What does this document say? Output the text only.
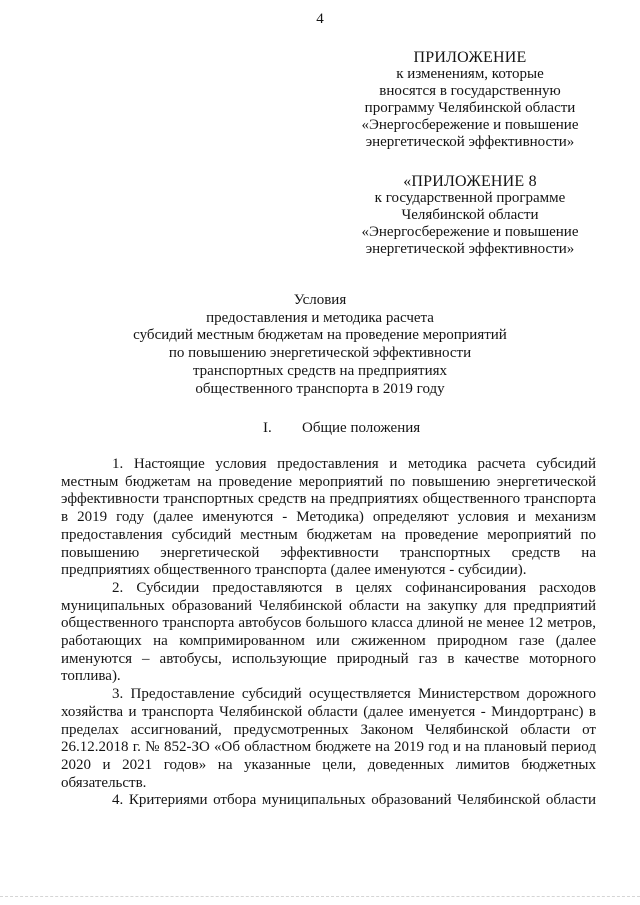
4
ПРИЛОЖЕНИЕ
к изменениям, которые
вносятся в государственную
программу Челябинской области
«Энергосбережение и повышение
энергетической эффективности»
«ПРИЛОЖЕНИЕ 8
к государственной программе
Челябинской области
«Энергосбережение и повышение
энергетической эффективности»
Условия
предоставления и методика расчета
субсидий местным бюджетам на проведение мероприятий
по повышению энергетической эффективности
транспортных средств на предприятиях
общественного транспорта в 2019 году
I. Общие положения

1. Настоящие условия предоставления и методика расчета субсидий местным бюджетам на проведение мероприятий по повышению энергетической эффективности транспортных средств на предприятиях общественного транспорта в 2019 году (далее именуются - Методика) определяют условия и механизм предоставления субсидий местным бюджетам на проведение мероприятий по повышению энергетической эффективности транспортных средств на предприятиях общественного транспорта (далее именуются - субсидии).

2. Субсидии предоставляются в целях софинансирования расходов муниципальных образований Челябинской области на закупку для предприятий общественного транспорта автобусов большого класса длиной не менее 12 метров, работающих на компримированном или сжиженном природном газе (далее именуются – автобусы, использующие природный газ в качестве моторного топлива).

3. Предоставление субсидий осуществляется Министерством дорожного хозяйства и транспорта Челябинской области (далее именуется - Миндортранс) в пределах ассигнований, предусмотренных Законом Челябинской области от 26.12.2018 г. № 852-ЗО «Об областном бюджете на 2019 год и на плановый период 2020 и 2021 годов» на указанные цели, доведенных лимитов бюджетных обязательств.

4. Критериями отбора муниципальных образований Челябинской области
